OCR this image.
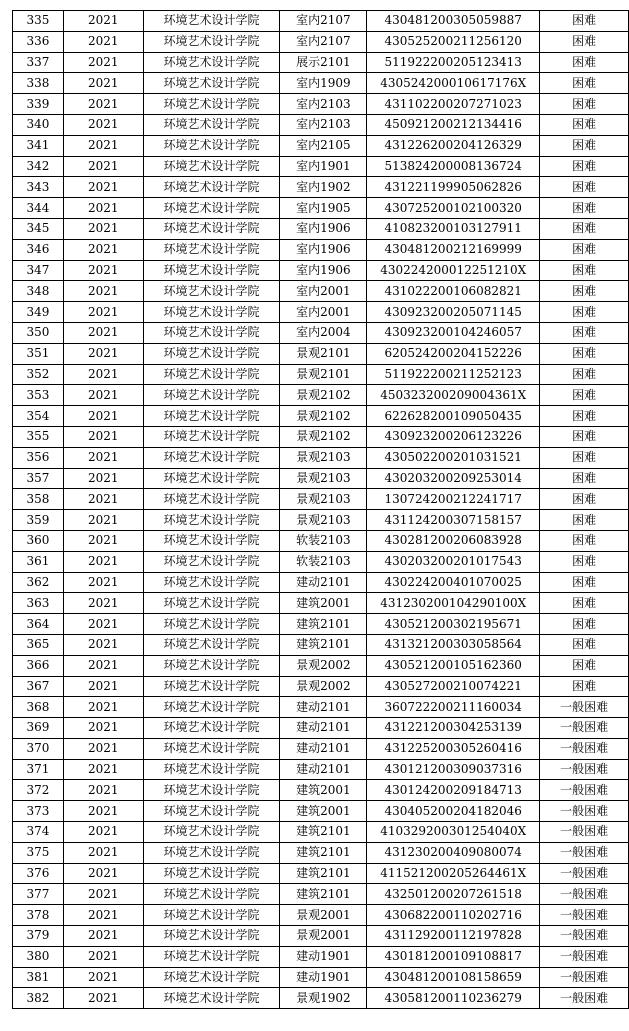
335	2021	环境艺术设计学院	室内2107	430481200305059887	困难
336	2021	环境艺术设计学院	室内2107	430525200211256120	困难
337	2021	环境艺术设计学院	展示2101	511922200205123413	困难
338	2021	环境艺术设计学院	室内1909	430524200010617176X	困难
339	2021	环境艺术设计学院	室内2103	431102200207271023	困难
340	2021	环境艺术设计学院	室内2103	450921200212134416	困难
341	2021	环境艺术设计学院	室内2105	431226200204126329	困难
342	2021	环境艺术设计学院	室内1901	513824200008136724	困难
343	2021	环境艺术设计学院	室内1902	431221199905062826	困难
344	2021	环境艺术设计学院	室内1905	430725200102100320	困难
345	2021	环境艺术设计学院	室内1906	410823200103127911	困难
346	2021	环境艺术设计学院	室内1906	430481200212169999	困难
347	2021	环境艺术设计学院	室内1906	430224200012251210X	困难
348	2021	环境艺术设计学院	室内2001	431022200106082821	困难
349	2021	环境艺术设计学院	室内2001	430923200205071145	困难
350	2021	环境艺术设计学院	室内2004	430923200104246057	困难
351	2021	环境艺术设计学院	景观2101	620524200204152226	困难
352	2021	环境艺术设计学院	景观2101	511922200211252123	困难
353	2021	环境艺术设计学院	景观2102	450323200209004361X	困难
354	2021	环境艺术设计学院	景观2102	622628200109050435	困难
355	2021	环境艺术设计学院	景观2102	430923200206123226	困难
356	2021	环境艺术设计学院	景观2103	430502200201031521	困难
357	2021	环境艺术设计学院	景观2103	430203200209253014	困难
358	2021	环境艺术设计学院	景观2103	130724200212241717	困难
359	2021	环境艺术设计学院	景观2103	431124200307158157	困难
360	2021	环境艺术设计学院	软装2103	430281200206083928	困难
361	2021	环境艺术设计学院	软装2103	430203200201017543	困难
362	2021	环境艺术设计学院	建动2101	430224200401070025	困难
363	2021	环境艺术设计学院	建筑2001	431230200104290100X	困难
364	2021	环境艺术设计学院	建筑2101	430521200302195671	困难
365	2021	环境艺术设计学院	建筑2101	431321200303058564	困难
366	2021	环境艺术设计学院	景观2002	430521200105162360	困难
367	2021	环境艺术设计学院	景观2002	430527200210074221	困难
368	2021	环境艺术设计学院	建动2101	360722200211160034	一般困难
369	2021	环境艺术设计学院	建动2101	431221200304253139	一般困难
370	2021	环境艺术设计学院	建动2101	431225200305260416	一般困难
371	2021	环境艺术设计学院	建动2101	430121200309037316	一般困难
372	2021	环境艺术设计学院	建筑2001	430124200209184713	一般困难
373	2021	环境艺术设计学院	建筑2001	430405200204182046	一般困难
374	2021	环境艺术设计学院	建筑2101	410329200301254040X	一般困难
375	2021	环境艺术设计学院	建筑2101	431230200409080074	一般困难
376	2021	环境艺术设计学院	建筑2101	411521200205264461X	一般困难
377	2021	环境艺术设计学院	建筑2101	432501200207261518	一般困难
378	2021	环境艺术设计学院	景观2001	430682200110202716	一般困难
379	2021	环境艺术设计学院	景观2001	431129200112197828	一般困难
380	2021	环境艺术设计学院	建动1901	430181200109108817	一般困难
381	2021	环境艺术设计学院	建动1901	430481200108158659	一般困难
382	2021	环境艺术设计学院	景观1902	430581200110236279	一般困难
